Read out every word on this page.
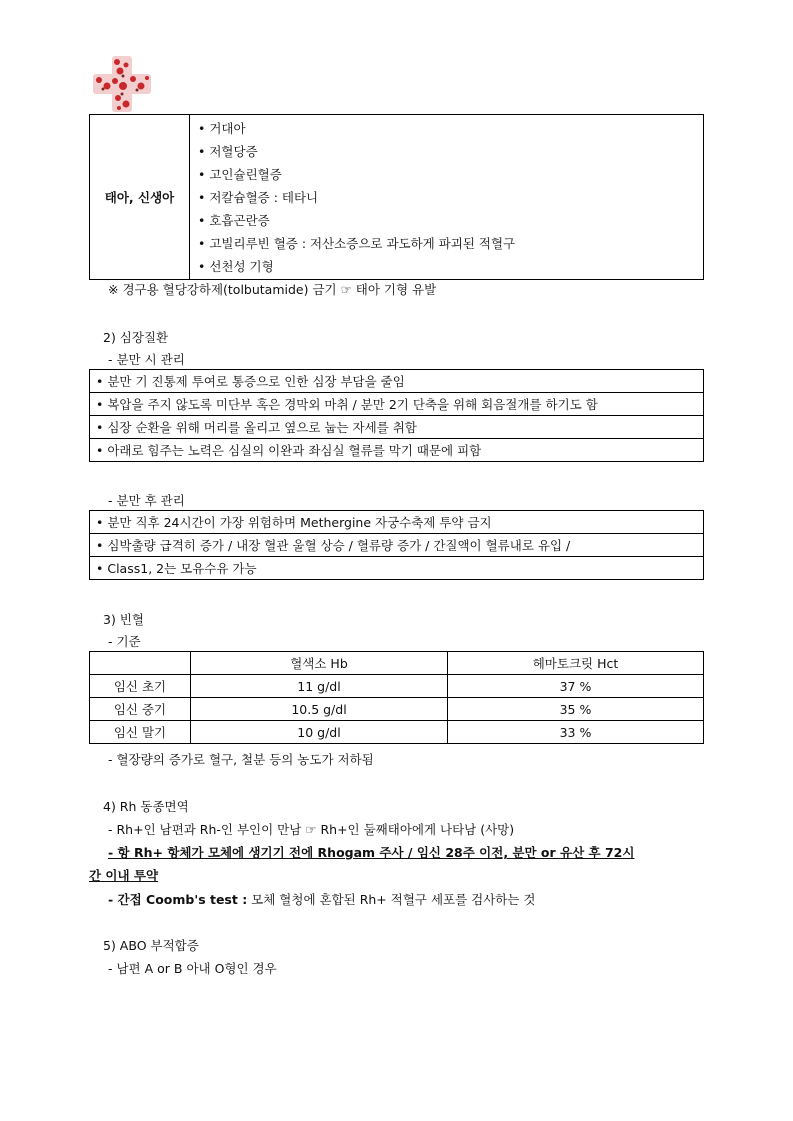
태아, 신생아	
• 거대아
• 저혈당증
• 고인슐린혈증
• 저칼슘혈증 : 테타니
• 호흡곤란증
• 고빌리루빈 혈증 : 저산소증으로 과도하게 파괴된 적혈구
• 선천성 기형
※ 경구용 혈당강하제(tolbutamide) 금기 ☞ 태아 기형 유발
2) 심장질환
- 분만 시 관리
• 분만 기 진통제 투여로 통증으로 인한 심장 부담을 줄임
• 복압을 주지 않도록 미단부 혹은 경막외 마취 / 분만 2기 단축을 위해 회음절개를 하기도 함
• 심장 순환을 위해 머리를 올리고 옆으로 눕는 자세를 취함
• 아래로 힘주는 노력은 심실의 이완과 좌심실 혈류를 막기 때문에 피함
- 분만 후 관리
• 분만 직후 24시간이 가장 위험하며 Methergine 자궁수축제 투약 금지
• 심박출량 급격히 증가 / 내장 혈관 울혈 상승 / 혈류량 증가 / 간질액이 혈류내로 유입 /
• Class1, 2는 모유수유 가능
3) 빈혈
- 기준
	혈색소 Hb	헤마토크릿 Hct
임신 초기	11 g/dl	37 %
임신 중기	10.5 g/dl	35 %
임신 말기	10 g/dl	33 %
- 혈장량의 증가로 혈구, 철분 등의 농도가 저하됨
4) Rh 동종면역
- Rh+인 남편과 Rh-인 부인이 만남 ☞ Rh+인 둘째태아에게 나타남 (사망)
- 항 Rh+ 항체가 모체에 생기기 전에 Rhogam 주사 / 임신 28주 이전, 분만 or 유산 후 72시
간 이내 투약
- 간접 Coomb's test : 모체 혈청에 혼합된 Rh+ 적혈구 세포를 검사하는 것
5) ABO 부적합증
- 남편 A or B 아내 O형인 경우
